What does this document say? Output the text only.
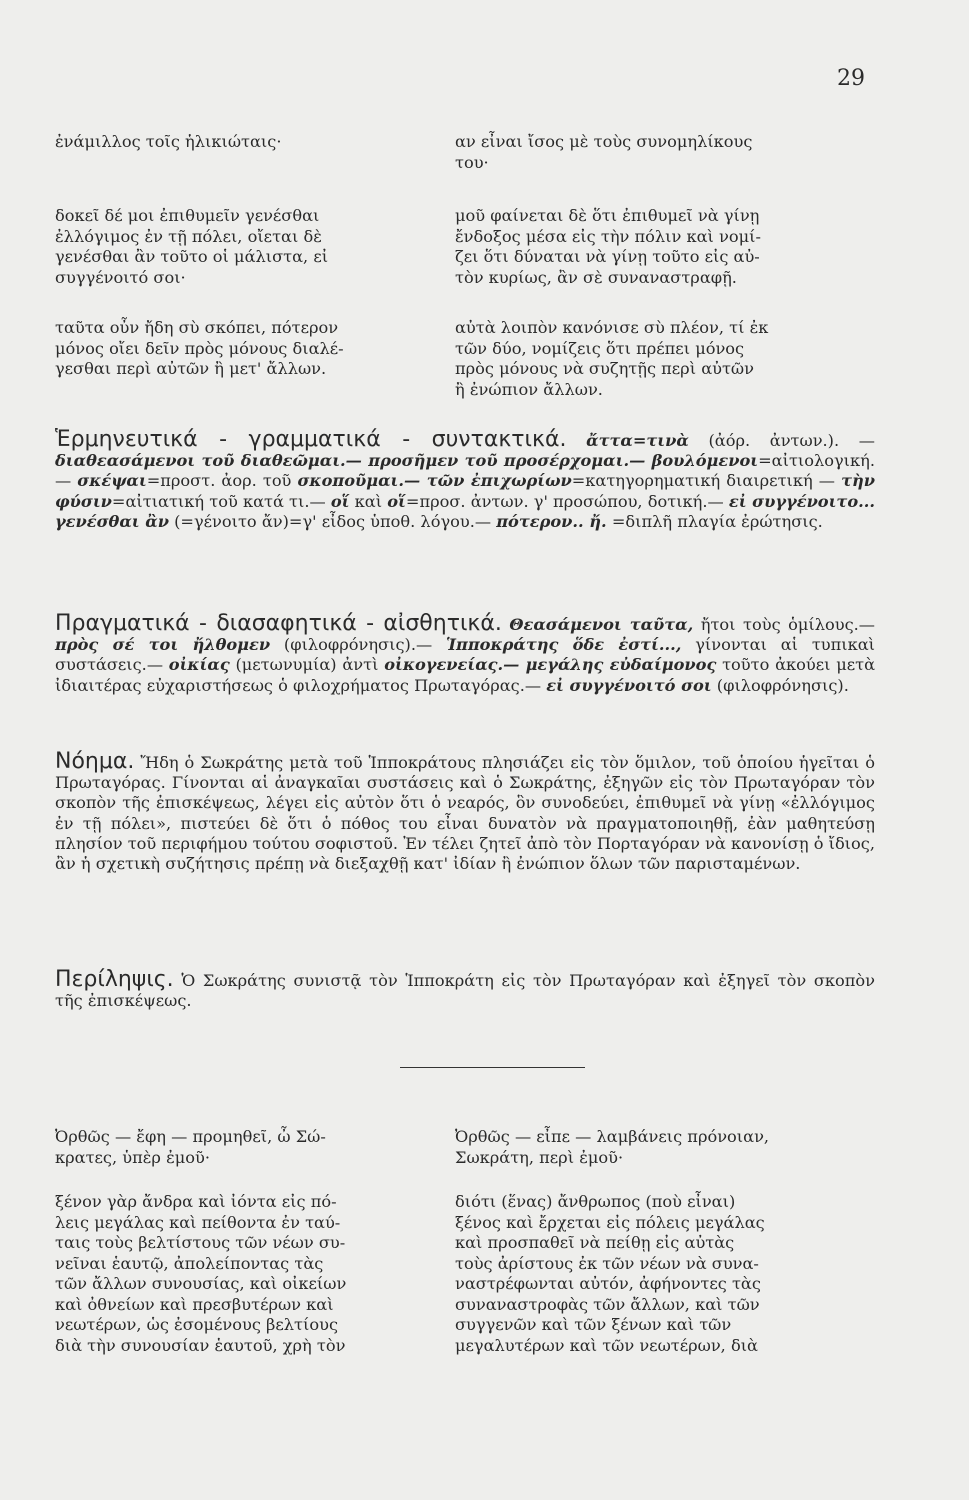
29

ἐνάμιλλος τοῖς ἡλικιώταις·	αν εἶναι ἴσος μὲ τοὺς συνομηλίκους
του·

δοκεῖ δέ μοι ἐπιθυμεῖν γενέσθαι
ἐλλόγιμος ἐν τῇ πόλει, οἴεται δὲ
γενέσθαι ἂν τοῦτο οἱ μάλιστα, εἰ
συγγένοιτό σοι·

μοῦ φαίνεται δὲ ὅτι ἐπιθυμεῖ νὰ γίνῃ
ἔνδοξος μέσα εἰς τὴν πόλιν καὶ νομί-
ζει ὅτι δύναται νὰ γίνῃ τοῦτο εἰς αὐ-
τὸν κυρίως, ἂν σὲ συναναστραφῇ.

ταῦτα οὖν ἤδη σὺ σκόπει, πότερον
μόνος οἴει δεῖν πρὸς μόνους διαλέ-
γεσθαι περὶ αὐτῶν ἢ μετ' ἄλλων.

αὐτὰ λοιπὸν κανόνισε σὺ πλέον, τί ἐκ
τῶν δύο, νομίζεις ὅτι πρέπει μόνος
πρὸς μόνους νὰ συζητῇς περὶ αὐτῶν
ἢ ἐνώπιον ἄλλων.

Ἑρμηνευτικά - γραμματικά - συντακτικά. ἄττα=τινὰ (ἀόρ. ἀντων.). — διαθεασάμενοι τοῦ διαθεῶμαι.— προσῆμεν τοῦ προσέρχομαι.— βουλόμενοι=αἰτιολογική.— σκέψαι=προστ. ἀορ. τοῦ σκοποῦμαι.— τῶν ἐπιχωρίων=κατηγορηματική διαιρετική — τὴν φύσιν=αἰτιατική τοῦ κατά τι.— οἵ καὶ οἵ=προσ. ἀντων. γ' προσώπου, δοτική.— εἰ συγγένοιτο... γενέσθαι ἂν (=γένοιτο ἄν)=γ' εἶδος ὑποθ. λόγου.— πότερον.. ἤ. =διπλῆ πλαγία ἐρώτησις.

Πραγματικά - διασαφητικά - αἰσθητικά. Θεασάμενοι ταῦτα, ἤτοι τοὺς ὁμίλους.— πρὸς σέ τοι ἤλθομεν (φιλοφρόνησις).— Ἱπποκράτης ὅδε ἐστί..., γίνονται αἱ τυπικαὶ συστάσεις.— οἰκίας (μετωνυμία) ἀντὶ οἰκογενείας.— μεγάλης εὐδαίμονος τοῦτο ἀκούει μετὰ ἰδιαιτέρας εὐχαριστήσεως ὁ φιλοχρήματος Πρωταγόρας.— εἰ συγγένοιτό σοι (φιλοφρόνησις).

Νόημα. Ἤδη ὁ Σωκράτης μετὰ τοῦ Ἱπποκράτους πλησιάζει εἰς τὸν ὅμιλον, τοῦ ὁποίου ἡγεῖται ὁ Πρωταγόρας. Γίνονται αἱ ἀναγκαῖαι συστάσεις καὶ ὁ Σωκράτης, ἐξηγῶν εἰς τὸν Πρωταγόραν τὸν σκοπὸν τῆς ἐπισκέψεως, λέγει εἰς αὐτὸν ὅτι ὁ νεαρός, ὃν συνοδεύει, ἐπιθυμεῖ νὰ γίνῃ «ἐλλόγιμος ἐν τῇ πόλει», πιστεύει δὲ ὅτι ὁ πόθος του εἶναι δυνατὸν νὰ πραγματοποιηθῇ, ἐὰν μαθητεύσῃ πλησίον τοῦ περιφήμου τούτου σοφιστοῦ. Ἐν τέλει ζητεῖ ἀπὸ τὸν Πορταγόραν νὰ κανονίσῃ ὁ ἴδιος, ἂν ἡ σχετικὴ συζήτησις πρέπῃ νὰ διεξαχθῇ κατ' ἰδίαν ἢ ἐνώπιον ὅλων τῶν παρισταμένων.

Περίληψις. Ὁ Σωκράτης συνιστᾷ τὸν Ἱπποκράτη εἰς τὸν Πρωταγόραν καὶ ἐξηγεῖ τὸν σκοπὸν τῆς ἐπισκέψεως.

Ὀρθῶς — ἔφη — προμηθεῖ, ὦ Σώ-
κρατες, ὑπὲρ ἐμοῦ·

Ὀρθῶς — εἶπε — λαμβάνεις πρόνοιαν,
Σωκράτη, περὶ ἐμοῦ·

ξένον γὰρ ἄνδρα καὶ ἰόντα εἰς πό-
λεις μεγάλας καὶ πείθοντα ἐν ταύ-
ταις τοὺς βελτίστους τῶν νέων συ-
νεῖναι ἑαυτῷ, ἀπολείποντας τὰς
τῶν ἄλλων συνουσίας, καὶ οἰκείων
καὶ ὀθνείων καὶ πρεσβυτέρων καὶ
νεωτέρων, ὡς ἐσομένους βελτίους
διὰ τὴν συνουσίαν ἑαυτοῦ, χρὴ τὸν

διότι (ἕνας) ἄνθρωπος (ποὺ εἶναι)
ξένος καὶ ἔρχεται εἰς πόλεις μεγάλας
καὶ προσπαθεῖ νὰ πείθῃ εἰς αὐτὰς
τοὺς ἀρίστους ἐκ τῶν νέων νὰ συνα-
ναστρέφωνται αὐτόν, ἀφήνοντες τὰς
συναναστροφὰς τῶν ἄλλων, καὶ τῶν
συγγενῶν καὶ τῶν ξένων καὶ τῶν
μεγαλυτέρων καὶ τῶν νεωτέρων, διὰ
